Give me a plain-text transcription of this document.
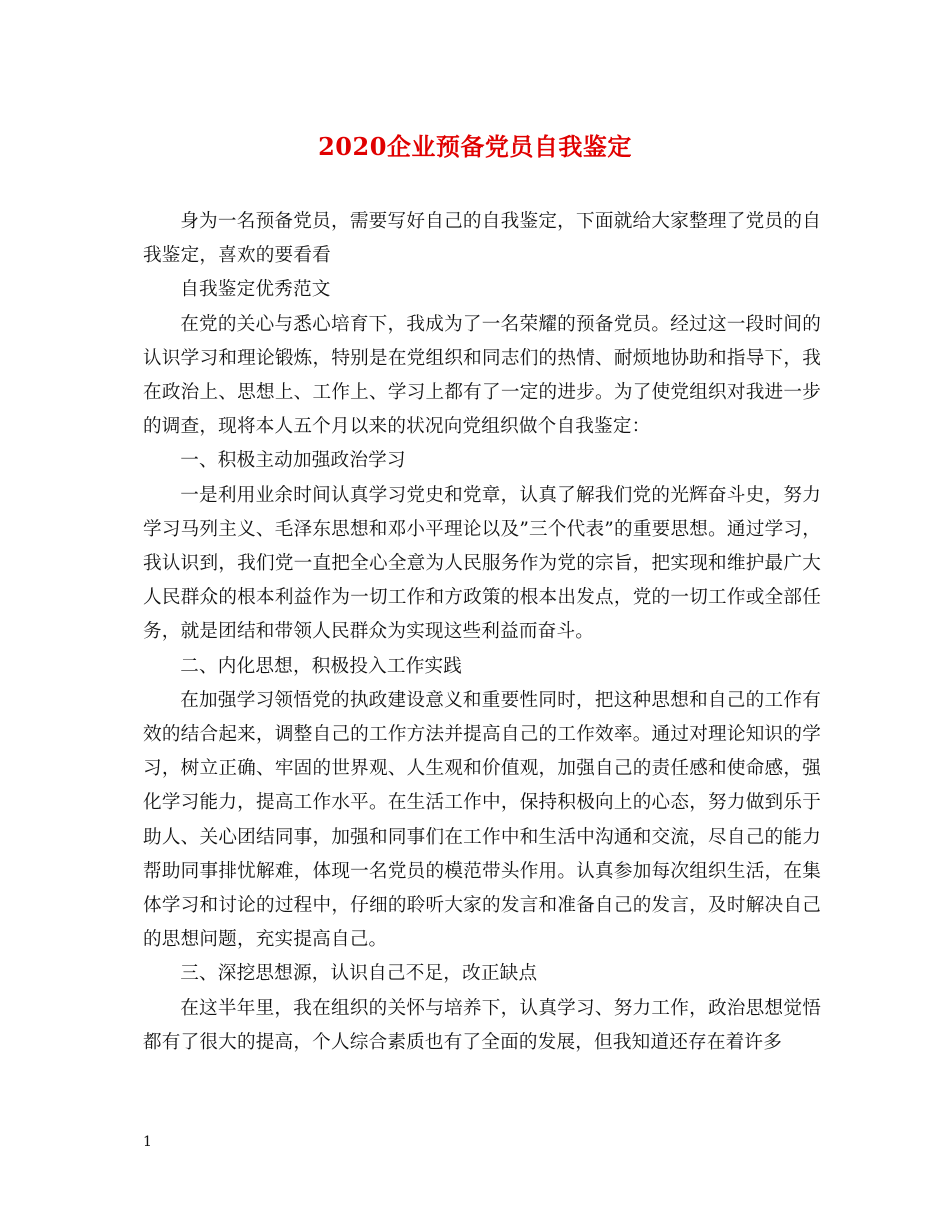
2020企业预备党员自我鉴定

身为一名预备党员，需要写好自己的自我鉴定，下面就给大家整理了党员的自我鉴定，喜欢的要看看

自我鉴定优秀范文

在党的关心与悉心培育下，我成为了一名荣耀的预备党员。经过这一段时间的认识学习和理论锻炼，特别是在党组织和同志们的热情、耐烦地协助和指导下，我在政治上、思想上、工作上、学习上都有了一定的进步。为了使党组织对我进一步的调查，现将本人五个月以来的状况向党组织做个自我鉴定：

一、积极主动加强政治学习

一是利用业余时间认真学习党史和党章，认真了解我们党的光辉奋斗史，努力学习马列主义、毛泽东思想和邓小平理论以及”三个代表”的重要思想。通过学习，我认识到，我们党一直把全心全意为人民服务作为党的宗旨，把实现和维护最广大人民群众的根本利益作为一切工作和方政策的根本出发点，党的一切工作或全部任务，就是团结和带领人民群众为实现这些利益而奋斗。

二、内化思想，积极投入工作实践

在加强学习领悟党的执政建设意义和重要性同时，把这种思想和自己的工作有效的结合起来，调整自己的工作方法并提高自己的工作效率。通过对理论知识的学习，树立正确、牢固的世界观、人生观和价值观，加强自己的责任感和使命感，强化学习能力，提高工作水平。在生活工作中，保持积极向上的心态，努力做到乐于助人、关心团结同事，加强和同事们在工作中和生活中沟通和交流，尽自己的能力帮助同事排忧解难，体现一名党员的模范带头作用。认真参加每次组织生活，在集体学习和讨论的过程中，仔细的聆听大家的发言和准备自己的发言，及时解决自己的思想问题，充实提高自己。

三、深挖思想源，认识自己不足，改正缺点

在这半年里，我在组织的关怀与培养下，认真学习、努力工作，政治思想觉悟都有了很大的提高，个人综合素质也有了全面的发展，但我知道还存在着许多

1
